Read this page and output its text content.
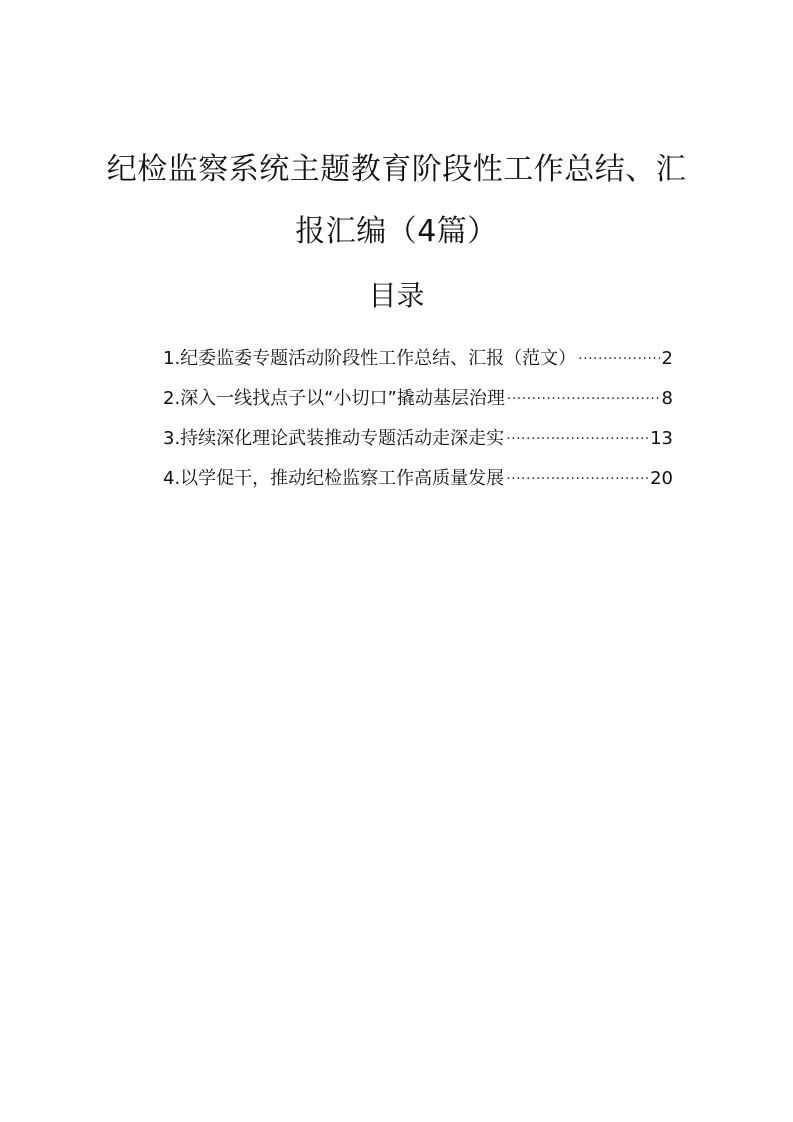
纪检监察系统主题教育阶段性工作总结、汇
报汇编（4篇）
目录
1.纪委监委专题活动阶段性工作总结、汇报（范文） .....	2
2.深入一线找点子以“小切口”撬动基层治理 .....	8
3.持续深化理论武装推动专题活动走深走实 .....	13
4.以学促干，推动纪检监察工作高质量发展 .....	20
